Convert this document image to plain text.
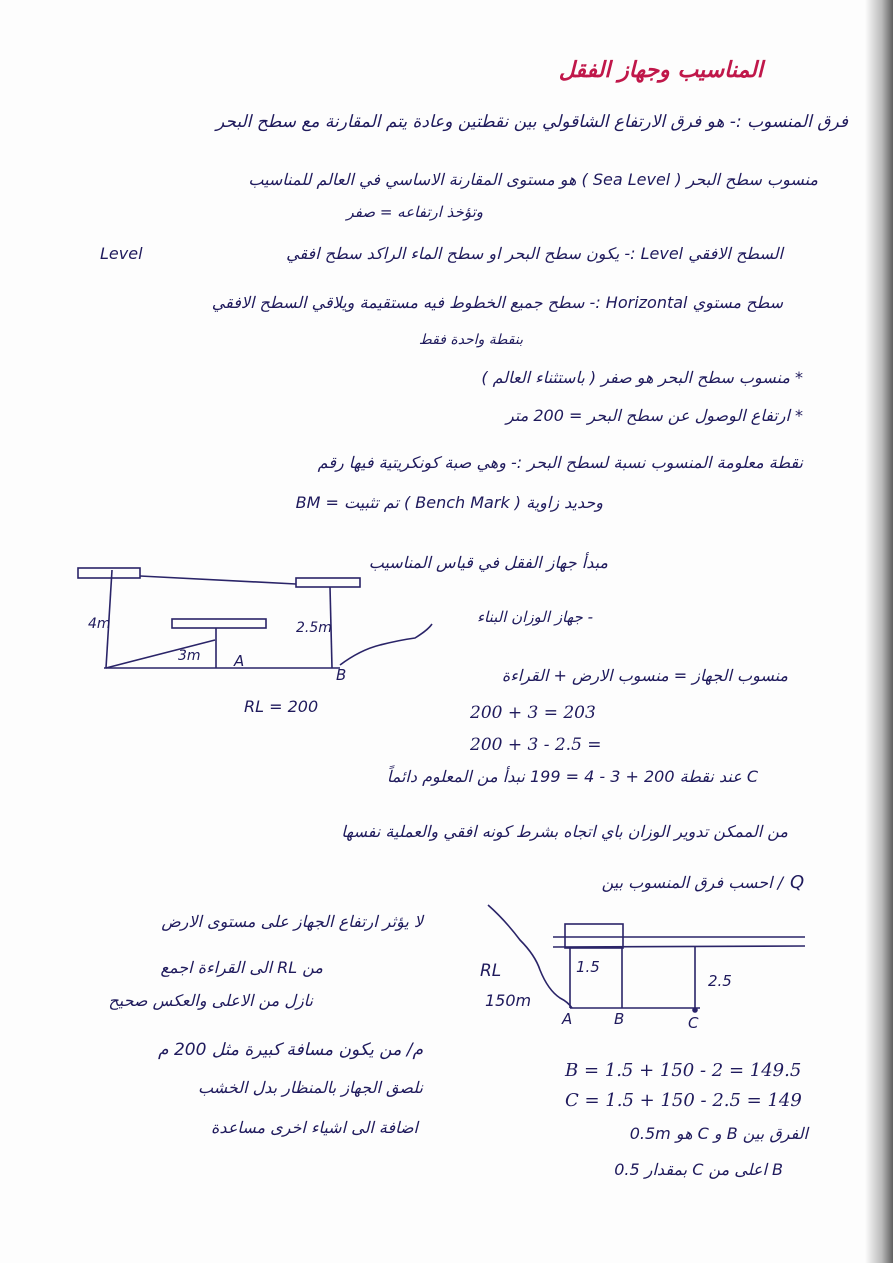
المناسيب وجهاز الفقل
فرق المنسوب :- هو فرق الارتفاع الشاقولي بين نقطتين وعادة يتم المقارنة مع سطح البحر
منسوب سطح البحر ( Sea Level ) هو مستوى المقارنة الاساسي في العالم للمناسيب
وتؤخذ ارتفاعه = صفر
السطح الافقي Level :- يكون سطح البحر او سطح الماء الراكد سطح افقي
Level
سطح مستوي Horizontal :- سطح جميع الخطوط فيه مستقيمة ويلاقي السطح الافقي
بنقطة واحدة فقط
* منسوب سطح البحر هو صفر ( باستثناء العالم )
* ارتفاع الوصول عن سطح البحر = 200 متر
نقطة معلومة المنسوب نسبة لسطح البحر :- وهي صبة كونكريتية فيها رقم
وحديد زاوية ( Bench Mark ) تم تثبيت = BM
مبدأ جهاز الفقل في قياس المناسيب
- جهاز الوزان البناء
منسوب الجهاز = منسوب الارض + القراءة
200 + 3 = 203
200 + 3 - 2.5 =
C عند نقطة 200 + 3 - 4 = 199 نبدأ من المعلوم دائماً
من الممكن تدوير الوزان باي اتجاه بشرط كونه افقي والعملية نفسها
4m
3m
2.5m
A
B
RL = 200
/ احسب فرق المنسوب بين Q
لا يؤثر ارتفاع الجهاز على مستوى الارض
من RL الى القراءة اجمع
نازل من الاعلى والعكس صحيح
م/ من يكون مسافة كبيرة مثل 200 م
نلصق الجهاز بالمنظار بدل الخشب
اضافة الى اشياء اخرى مساعدة
RL
150m
1.5
2.5
A	B	C
B = 1.5 + 150 - 2 = 149.5
C = 1.5 + 150 - 2.5 = 149
الفرق بين B و C هو 0.5m
B اعلى من C بمقدار 0.5
